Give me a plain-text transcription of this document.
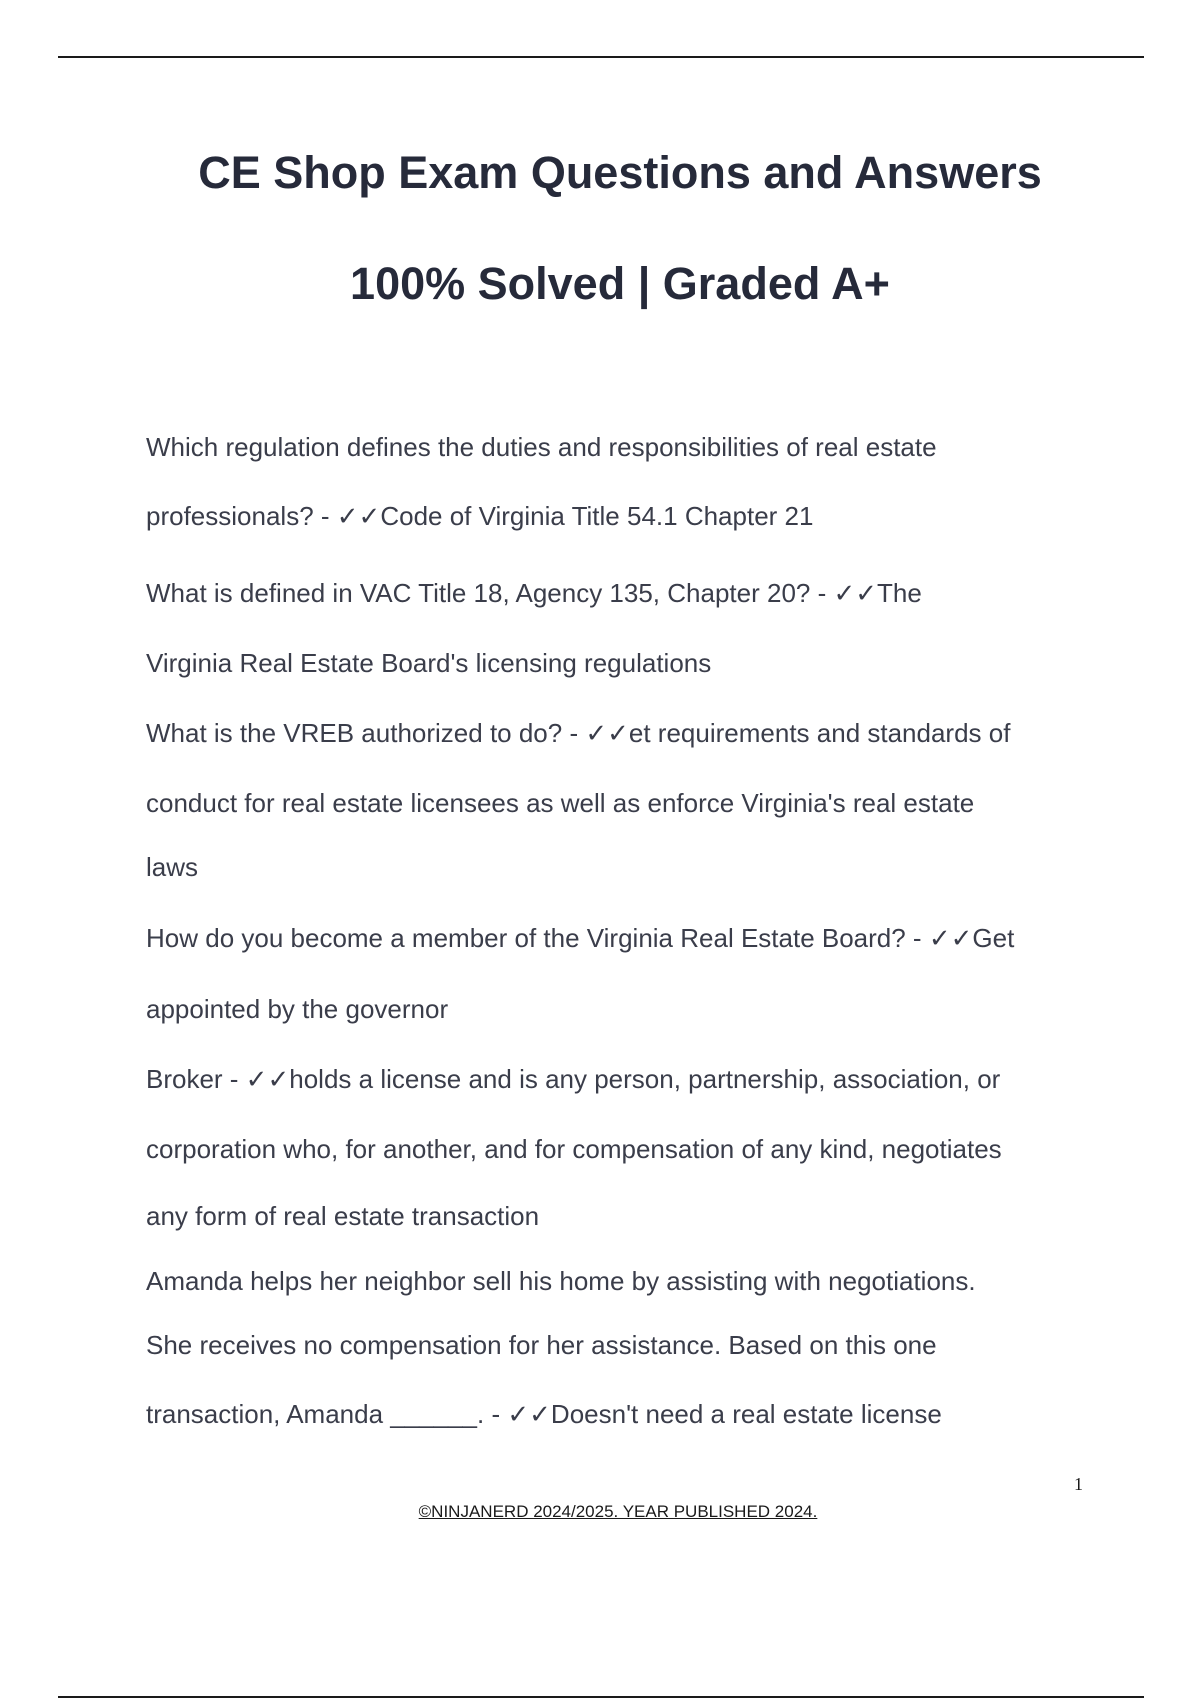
CE Shop Exam Questions and Answers
100% Solved | Graded A+
Which regulation defines the duties and responsibilities of real estate
professionals? - ✓✓Code of Virginia Title 54.1 Chapter 21
What is defined in VAC Title 18, Agency 135, Chapter 20? - ✓✓The
Virginia Real Estate Board's licensing regulations
What is the VREB authorized to do? - ✓✓et requirements and standards of
conduct for real estate licensees as well as enforce Virginia's real estate
laws
How do you become a member of the Virginia Real Estate Board? - ✓✓Get
appointed by the governor
Broker - ✓✓holds a license and is any person, partnership, association, or
corporation who, for another, and for compensation of any kind, negotiates
any form of real estate transaction
Amanda helps her neighbor sell his home by assisting with negotiations.
She receives no compensation for her assistance. Based on this one
transaction, Amanda ______. - ✓✓Doesn't need a real estate license
1
©NINJANERD 2024/2025. YEAR PUBLISHED 2024.
